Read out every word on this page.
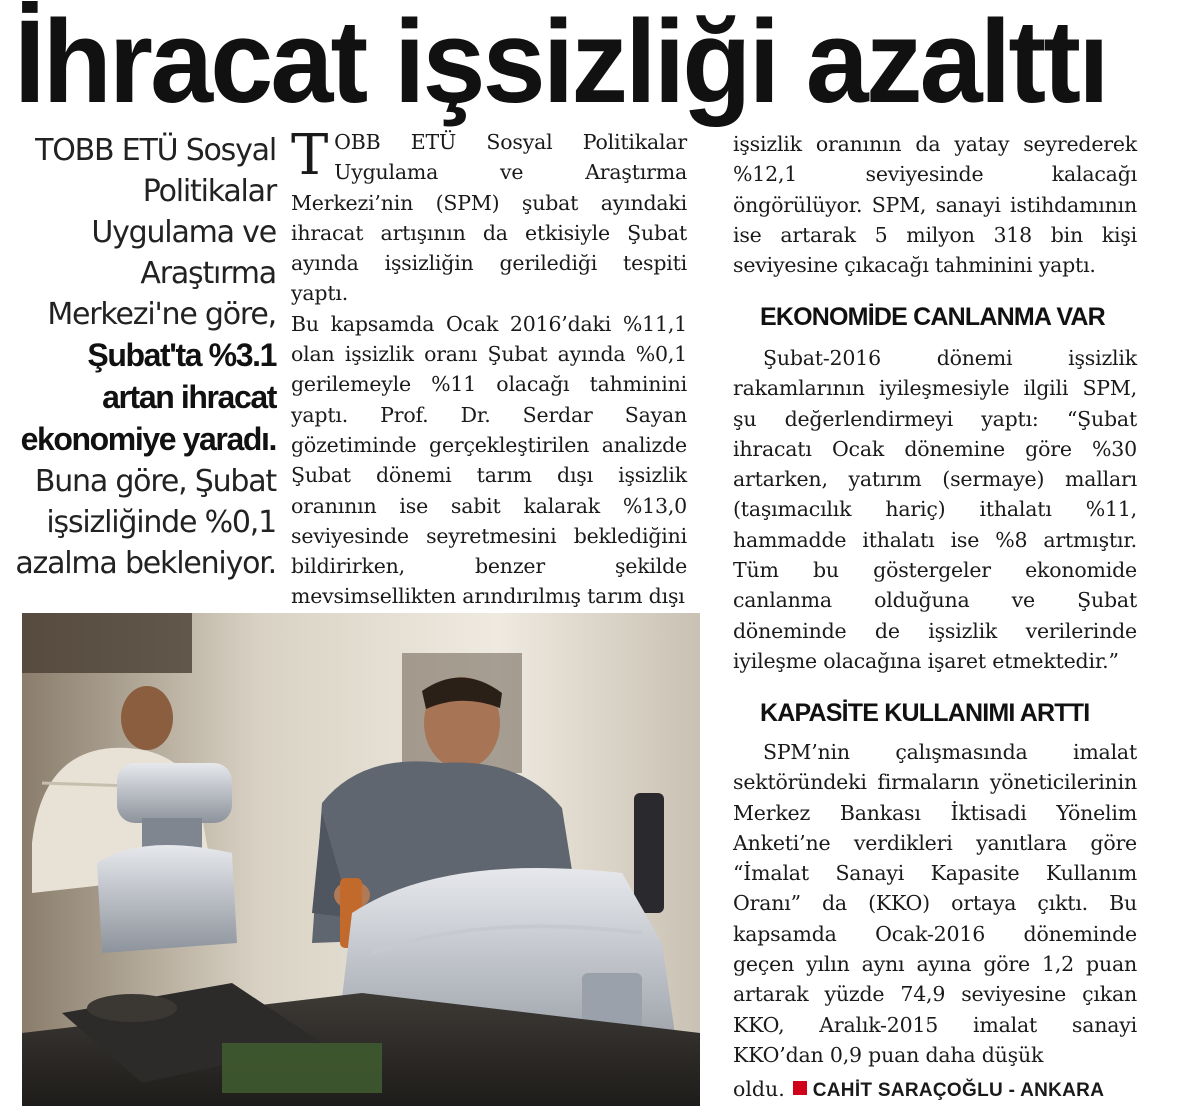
İhracat işsizliği azalttı
TOBB ETÜ Sosyal Politikalar Uygulama ve Araştırma Merkezi'ne göre, Şubat'ta %3.1 artan ihracat ekonomiye yaradı. Buna göre, Şubat işsizliğinde %0,1 azalma bekleniyor.
T OBB ETÜ Sosyal Politikalar Uygulama ve Araştırma Merkezi’nin (SPM) şubat ayındaki ihracat artışının da etkisiyle Şubat ayında işsizliğin gerilediği tespiti yaptı.
Bu kapsamda Ocak 2016’daki %11,1 olan işsizlik oranı Şubat ayında %0,1 gerilemeyle %11 olacağı tahminini yaptı. Prof. Dr. Serdar Sayan gözetiminde gerçekleştirilen analizde Şubat dönemi tarım dışı işsizlik oranının ise sabit kalarak %13,0 seviyesinde seyretmesini beklediğini bildirirken, benzer şekilde mevsimsellikten arındırılmış tarım dışı
işsizlik oranının da yatay seyrederek %12,1 seviyesinde kalacağı öngörülüyor. SPM, sanayi istihdamının ise artarak 5 milyon 318 bin kişi seviyesine çıkacağı tahminini yaptı.
EKONOMİDE CANLANMA VAR
Şubat-2016 dönemi işsizlik rakamlarının iyileşmesiyle ilgili SPM, şu değerlendirmeyi yaptı: “Şubat ihracatı Ocak dönemine göre %30 artarken, yatırım (sermaye) malları (taşımacılık hariç) ithalatı %11, hammadde ithalatı ise %8 artmıştır. Tüm bu göstergeler ekonomide canlanma olduğuna ve Şubat döneminde de işsizlik verilerinde iyileşme olacağına işaret etmektedir.”
KAPASİTE KULLANIMI ARTTI
SPM’nin çalışmasında imalat sektöründeki firmaların yöneticilerinin Merkez Bankası İktisadi Yönelim Anketi’ne verdikleri yanıtlara göre “İmalat Sanayi Kapasite Kullanım Oranı” da (KKO) ortaya çıktı. Bu kapsamda Ocak-2016 döneminde geçen yılın aynı ayına göre 1,2 puan artarak yüzde 74,9 seviyesine çıkan KKO, Aralık-2015 imalat sanayi KKO’dan 0,9 puan daha düşük
oldu. CAHİT SARAÇOĞLU - ANKARA
